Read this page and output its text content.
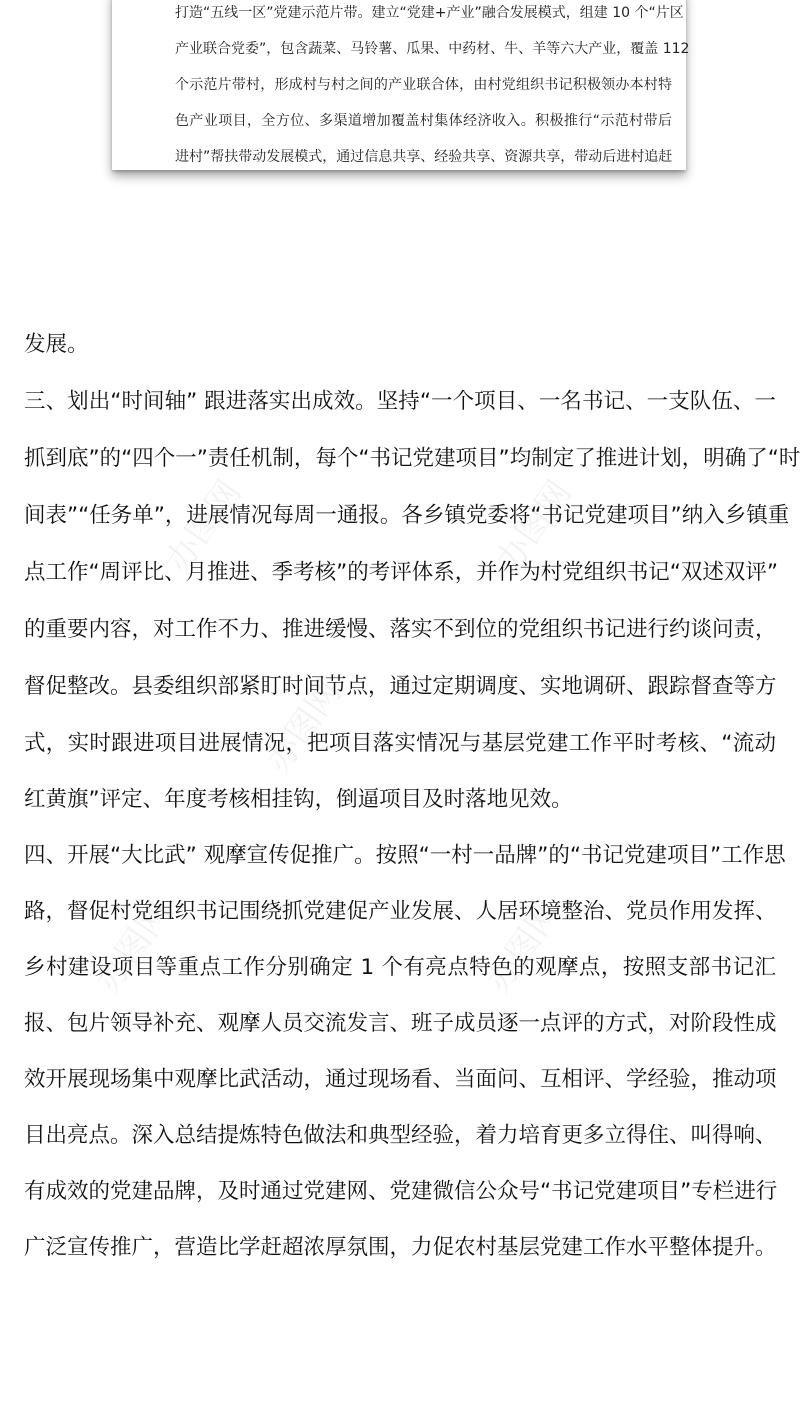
打造“五线一区”党建示范片带。建立“党建+产业”融合发展模式，组建 10 个“片区
产业联合党委”，包含蔬菜、马铃薯、瓜果、中药材、牛、羊等六大产业，覆盖 112
个示范片带村，形成村与村之间的产业联合体，由村党组织书记积极领办本村特
色产业项目，全方位、多渠道增加覆盖村集体经济收入。积极推行“示范村带后
进村”帮扶带动发展模式，通过信息共享、经验共享、资源共享，带动后进村追赶
办图网	办图网
办图网
办图网	办图网
发展。
三、划出“时间轴” 跟进落实出成效。坚持“一个项目、一名书记、一支队伍、一
抓到底”的“四个一”责任机制，每个“书记党建项目”均制定了推进计划，明确了“时
间表”“任务单”，进展情况每周一通报。各乡镇党委将“书记党建项目”纳入乡镇重
点工作“周评比、月推进、季考核”的考评体系，并作为村党组织书记“双述双评”
的重要内容，对工作不力、推进缓慢、落实不到位的党组织书记进行约谈问责，
督促整改。县委组织部紧盯时间节点，通过定期调度、实地调研、跟踪督查等方
式，实时跟进项目进展情况，把项目落实情况与基层党建工作平时考核、“流动
红黄旗”评定、年度考核相挂钩，倒逼项目及时落地见效。
四、开展“大比武” 观摩宣传促推广。按照“一村一品牌”的“书记党建项目”工作思
路，督促村党组织书记围绕抓党建促产业发展、人居环境整治、党员作用发挥、
乡村建设项目等重点工作分别确定 1 个有亮点特色的观摩点，按照支部书记汇
报、包片领导补充、观摩人员交流发言、班子成员逐一点评的方式，对阶段性成
效开展现场集中观摩比武活动，通过现场看、当面问、互相评、学经验，推动项
目出亮点。深入总结提炼特色做法和典型经验，着力培育更多立得住、叫得响、
有成效的党建品牌，及时通过党建网、党建微信公众号“书记党建项目”专栏进行
广泛宣传推广，营造比学赶超浓厚氛围，力促农村基层党建工作水平整体提升。
